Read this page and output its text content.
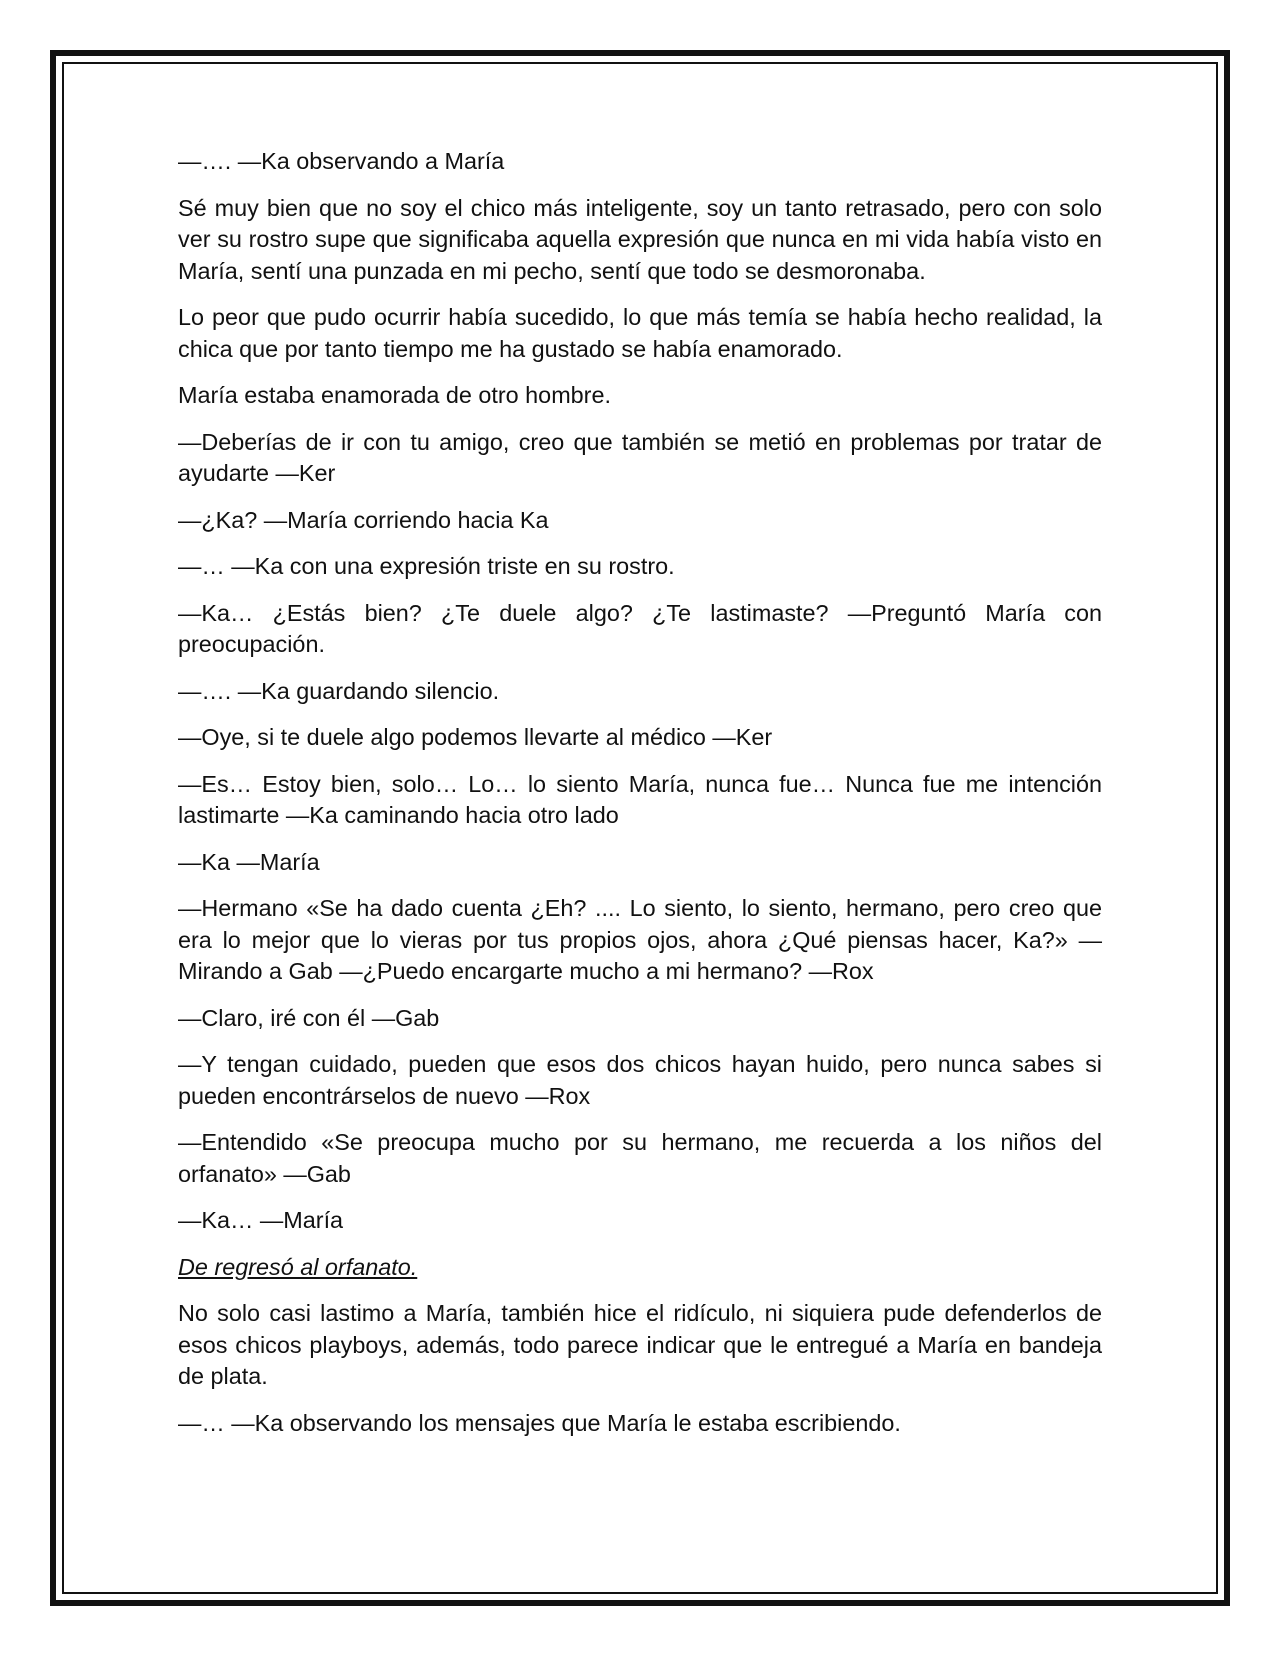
—…. —Ka observando a María

Sé muy bien que no soy el chico más inteligente, soy un tanto retrasado, pero con solo ver su rostro supe que significaba aquella expresión que nunca en mi vida había visto en María, sentí una punzada en mi pecho, sentí que todo se desmoronaba.

Lo peor que pudo ocurrir había sucedido, lo que más temía se había hecho realidad, la chica que por tanto tiempo me ha gustado se había enamorado.

María estaba enamorada de otro hombre.

—Deberías de ir con tu amigo, creo que también se metió en problemas por tratar de ayudarte —Ker

—¿Ka? —María corriendo hacia Ka

—… —Ka con una expresión triste en su rostro.

—Ka… ¿Estás bien? ¿Te duele algo? ¿Te lastimaste? —Preguntó María con preocupación.

—…. —Ka guardando silencio.

—Oye, si te duele algo podemos llevarte al médico —Ker

—Es… Estoy bien, solo… Lo… lo siento María, nunca fue… Nunca fue me intención lastimarte —Ka caminando hacia otro lado

—Ka —María

—Hermano «Se ha dado cuenta ¿Eh? .... Lo siento, lo siento, hermano, pero creo que era lo mejor que lo vieras por tus propios ojos, ahora ¿Qué piensas hacer, Ka?» —Mirando a Gab —¿Puedo encargarte mucho a mi hermano? —Rox

—Claro, iré con él —Gab

—Y tengan cuidado, pueden que esos dos chicos hayan huido, pero nunca sabes si pueden encontrárselos de nuevo —Rox

—Entendido «Se preocupa mucho por su hermano, me recuerda a los niños del orfanato» —Gab

—Ka… —María

De regresó al orfanato.

No solo casi lastimo a María, también hice el ridículo, ni siquiera pude defenderlos de esos chicos playboys, además, todo parece indicar que le entregué a María en bandeja de plata.

—… —Ka observando los mensajes que María le estaba escribiendo.
